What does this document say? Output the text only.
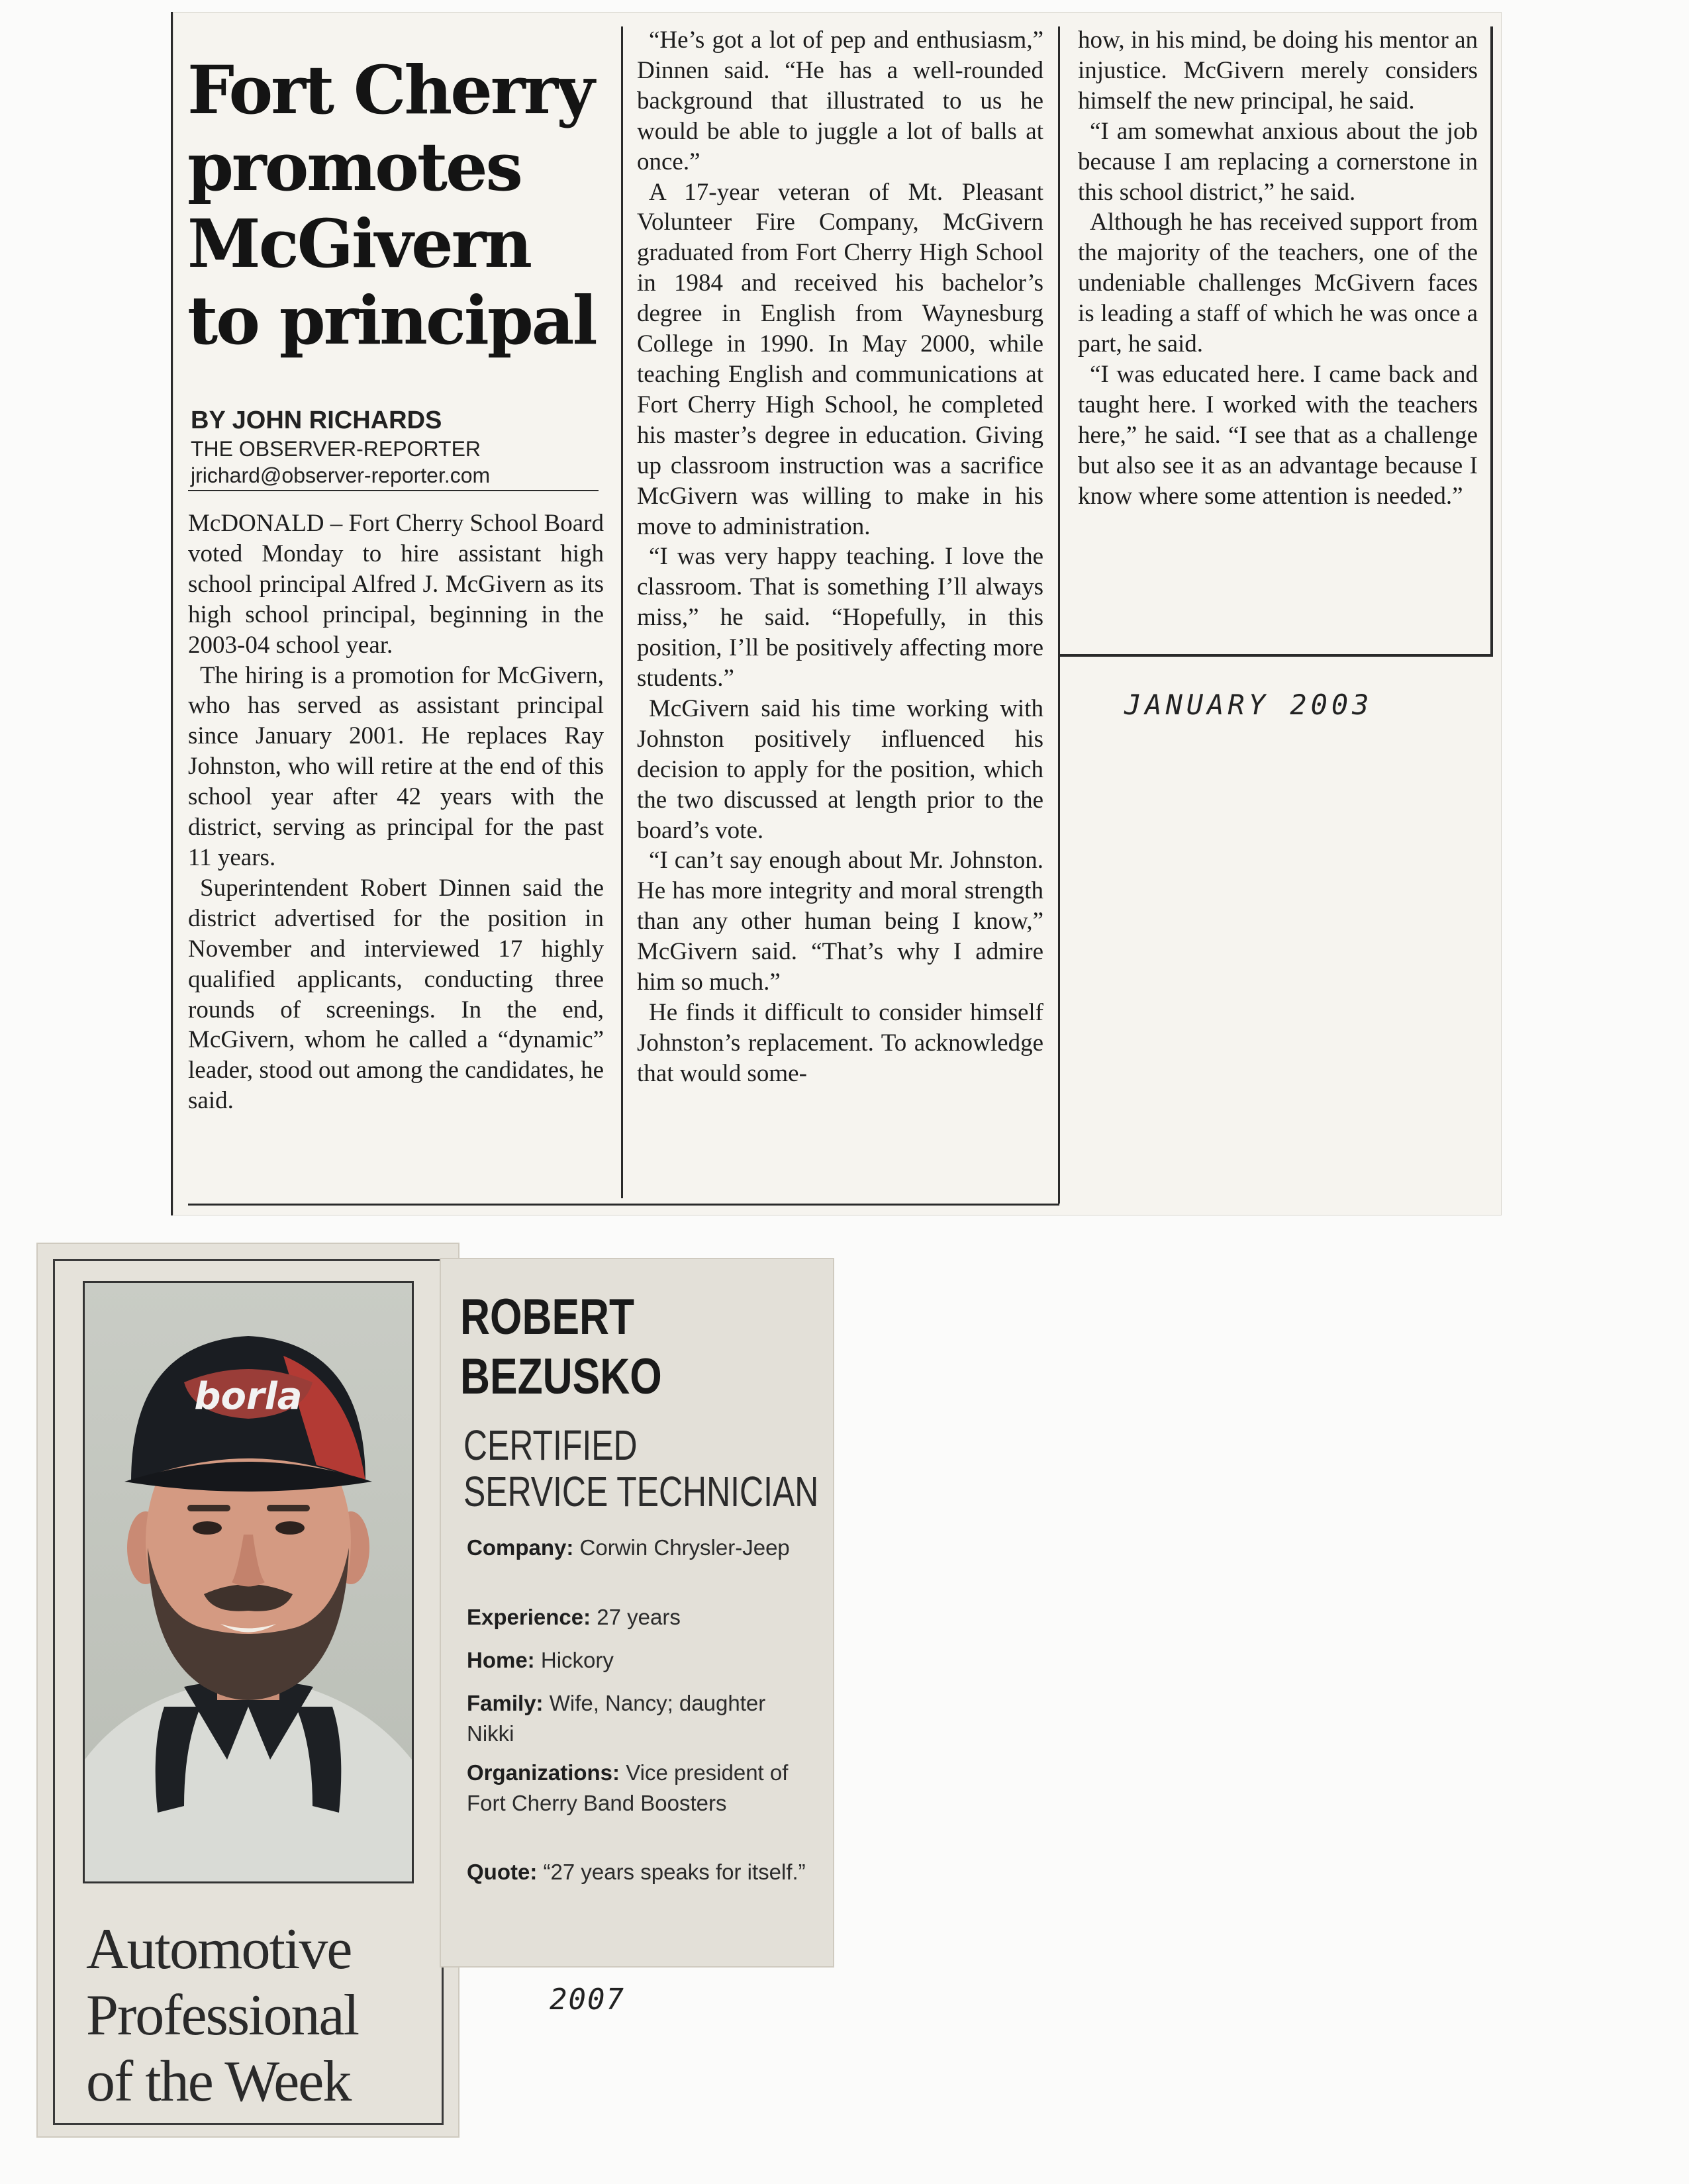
Fort Cherry
promotes
McGivern
to principal
BY JOHN RICHARDS
THE OBSERVER-REPORTER
jrichard@observer-reporter.com

McDONALD – Fort Cherry School Board voted Monday to hire assistant high school principal Alfred J. McGivern as its high school principal, beginning in the 2003-04 school year.

The hiring is a promotion for McGivern, who has served as assistant principal since January 2001. He replaces Ray Johnston, who will retire at the end of this school year after 42 years with the district, serving as principal for the past 11 years.

Superintendent Robert Dinnen said the district advertised for the position in November and interviewed 17 highly qualified applicants, conducting three rounds of screenings. In the end, McGivern, whom he called a “dynamic” leader, stood out among the candidates, he said.

“He’s got a lot of pep and enthusiasm,” Dinnen said. “He has a well-rounded background that illustrated to us he would be able to juggle a lot of balls at once.”

A 17-year veteran of Mt. Pleasant Volunteer Fire Company, McGivern graduated from Fort Cherry High School in 1984 and received his bachelor’s degree in English from Waynesburg College in 1990. In May 2000, while teaching English and communications at Fort Cherry High School, he completed his master’s degree in education. Giving up classroom instruction was a sacrifice McGivern was willing to make in his move to administration.

“I was very happy teaching. I love the classroom. That is something I’ll always miss,” he said. “Hopefully, in this position, I’ll be positively affecting more students.”

McGivern said his time working with Johnston positively influenced his decision to apply for the position, which the two discussed at length prior to the board’s vote.

“I can’t say enough about Mr. Johnston. He has more integrity and moral strength than any other human being I know,” McGivern said. “That’s why I admire him so much.”

He finds it difficult to consider himself Johnston’s replacement. To acknowledge that would some-

how, in his mind, be doing his mentor an injustice. McGivern merely considers himself the new principal, he said.

“I am somewhat anxious about the job because I am replacing a cornerstone in this school district,” he said.

Although he has received support from the majority of the teachers, one of the undeniable challenges McGivern faces is leading a staff of which he was once a part, he said.

“I was educated here. I came back and taught here. I worked with the teachers here,” he said. “I see that as a challenge but also see it as an advantage because I know where some attention is needed.”

JANUARY 2003
borla
Automotive
Professional
of the Week
ROBERT
BEZUSKO
CERTIFIED
SERVICE TECHNICIAN
Company: Corwin Chrysler-Jeep
Experience: 27 years
Home: Hickory
Family: Wife, Nancy; daughter Nikki
Organizations: Vice president of Fort Cherry Band Boosters
Quote: “27 years speaks for itself.”
2007
